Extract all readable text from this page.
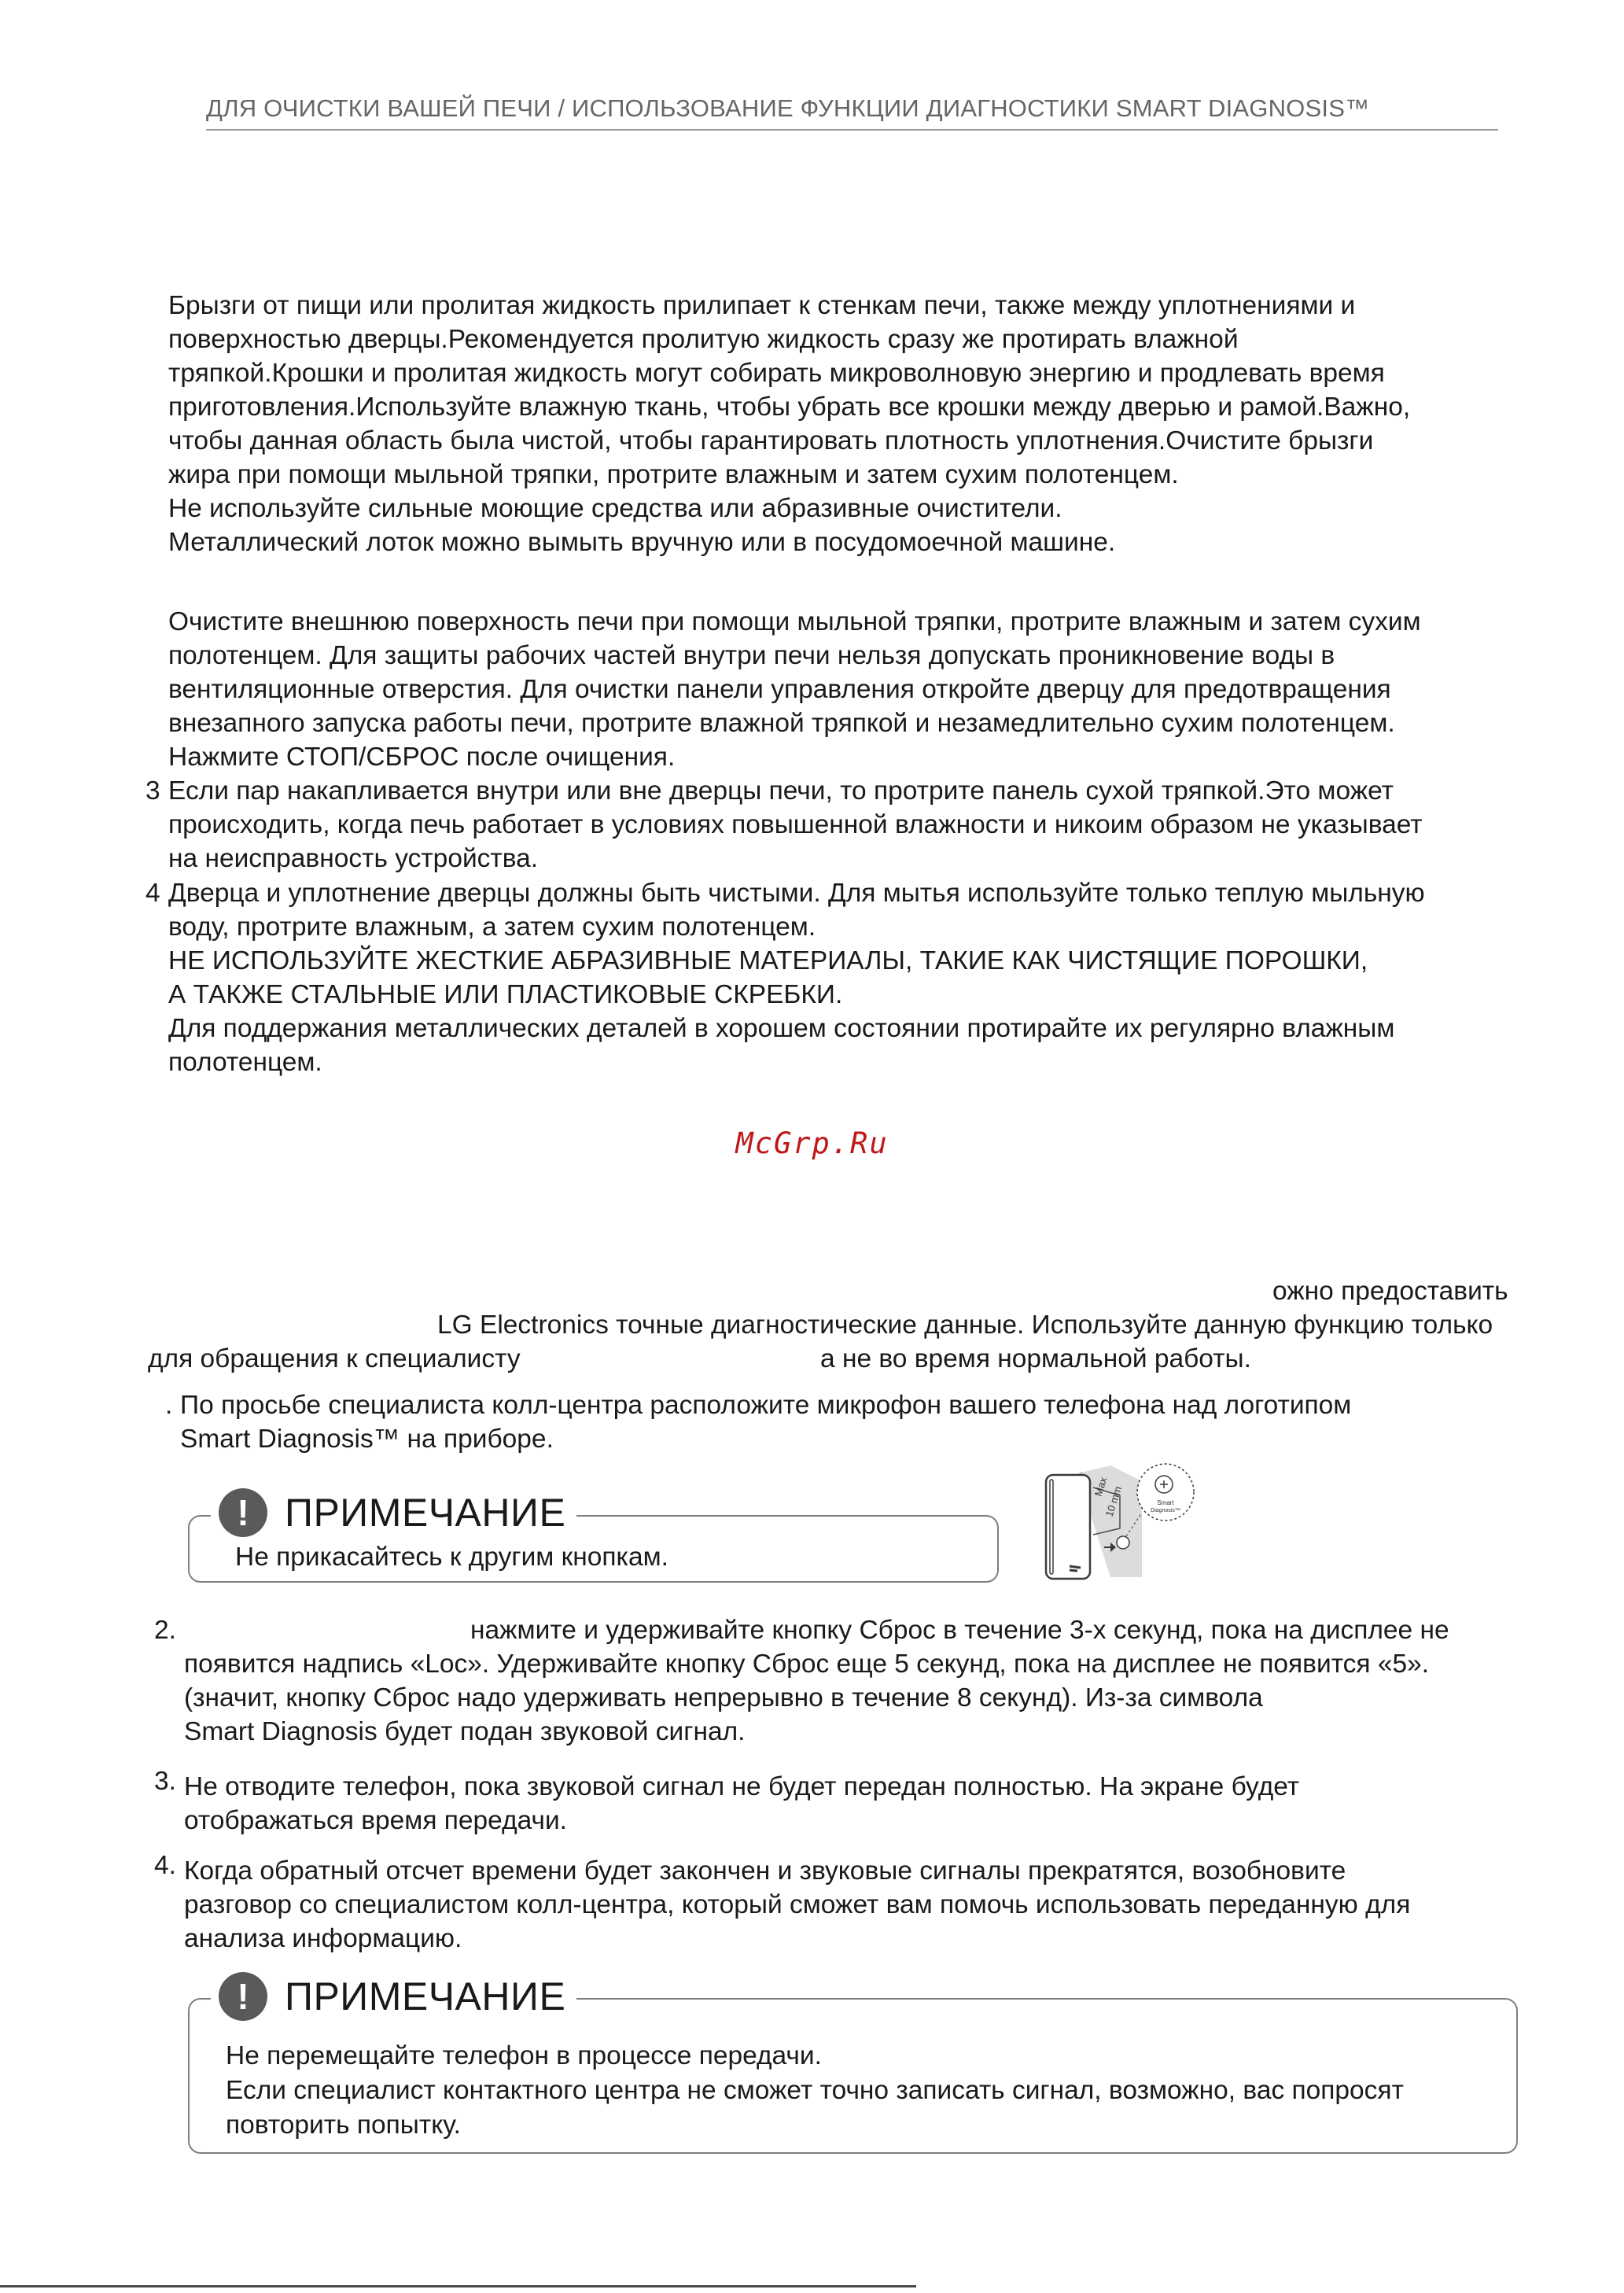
ДЛЯ ОЧИСТКИ ВАШЕЙ ПЕЧИ / ИСПОЛЬЗОВАНИЕ ФУНКЦИИ ДИАГНОСТИКИ SMART DIAGNOSIS™
Брызги от пищи или пролитая жидкость прилипает к стенкам печи, также между уплотнениями и
поверхностью дверцы.Рекомендуется пролитую жидкость сразу же протирать влажной
тряпкой.Крошки и пролитая жидкость могут собирать микроволновую энергию и продлевать время
приготовления.Используйте влажную ткань, чтобы убрать все крошки между дверью и рамой.Важно,
чтобы данная область была чистой, чтобы гарантировать плотность уплотнения.Очистите брызги
жира при помощи мыльной тряпки, протрите влажным и затем сухим полотенцем.
Не используйте сильные моющие средства или абразивные очистители.
Металлический лоток можно вымыть вручную или в посудомоечной машине.
Очистите внешнюю поверхность печи при помощи мыльной тряпки, протрите влажным и затем сухим
полотенцем. Для защиты рабочих частей внутри печи нельзя допускать проникновение воды в
вентиляционные отверстия. Для очистки панели управления откройте дверцу для предотвращения
внезапного запуска работы печи, протрите влажной тряпкой и незамедлительно сухим полотенцем.
Нажмите СТОП/СБРОС после очищения.
3 Если пар накапливается внутри или вне дверцы печи, то протрите панель сухой тряпкой.Это может
происходить, когда печь работает в условиях повышенной влажности и никоим образом не указывает
на неисправность устройства.
4 Дверца и уплотнение дверцы должны быть чистыми. Для мытья используйте только теплую мыльную
воду, протрите влажным, а затем сухим полотенцем.
НЕ ИСПОЛЬЗУЙТЕ ЖЕСТКИЕ АБРАЗИВНЫЕ МАТЕРИАЛЫ, ТАКИЕ КАК ЧИСТЯЩИЕ ПОРОШКИ,
А ТАКЖЕ СТАЛЬНЫЕ ИЛИ ПЛАСТИКОВЫЕ СКРЕБКИ.
Для поддержания металлических деталей в хорошем состоянии протирайте их регулярно влажным
полотенцем.
McGrp.Ru
ожно предоставить
LG Electronics точные диагностические данные. Используйте данную функцию только
для обращения к специалисту	а не во время нормальной работы.
. По просьбе специалиста колл-центра расположите микрофон вашего телефона над логотипом
Smart Diagnosis™ на приборе.
Не прикасайтесь к другим кнопкам.
! ПРИМЕЧАНИЕ
Max
10 mm	Smart
Diagnosis™
2.	нажмите и удерживайте кнопку Сброс в течение 3-х секунд, пока на дисплее не
появится надпись «Loc». Удерживайте кнопку Сброс еще 5 секунд, пока на дисплее не появится «5».
(значит, кнопку Сброс надо удерживать непрерывно в течение 8 секунд). Из-за символа
Smart Diagnosis будет подан звуковой сигнал.
3. Не отводите телефон, пока звуковой сигнал не будет передан полностью. На экране будет
отображаться время передачи.
4. Когда обратный отсчет времени будет закончен и звуковые сигналы прекратятся, возобновите
разговор со специалистом колл-центра, который сможет вам помочь использовать переданную для
анализа информацию.
Не перемещайте телефон в процессе передачи.
Если специалист контактного центра не сможет точно записать сигнал, возможно, вас попросят
повторить попытку.
! ПРИМЕЧАНИЕ
